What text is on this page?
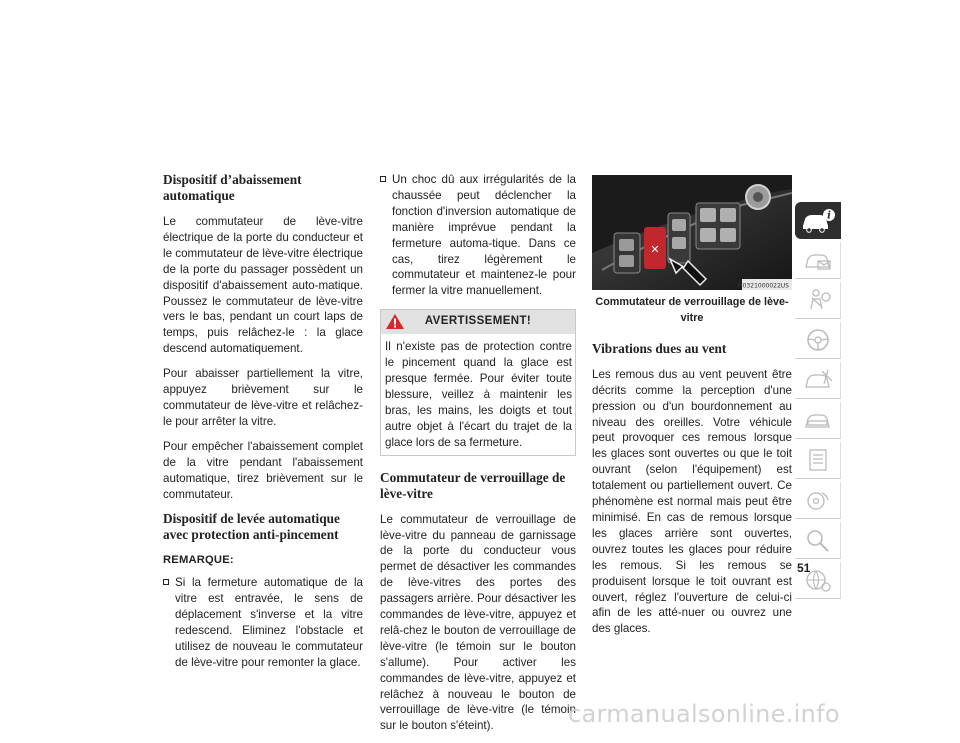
Dispositif d’abaissement automatique

Le commutateur de lève-vitre électrique de la porte du conducteur et le commutateur de lève-vitre électrique de la porte du passager possèdent un dispositif d'abaissement auto-matique. Poussez le commutateur de lève-vitre vers le bas, pendant un court laps de temps, puis relâchez-le : la glace descend automatiquement.

Pour abaisser partiellement la vitre, appuyez brièvement sur le commutateur de lève-vitre et relâchez-le pour arrêter la vitre.

Pour empêcher l'abaissement complet de la vitre pendant l'abaissement automatique, tirez brièvement sur le commutateur.

Dispositif de levée automatique avec protection anti-pincement
REMARQUE:
Si la fermeture automatique de la vitre est entravée, le sens de déplacement s'inverse et la vitre redescend. Eliminez l'obstacle et utilisez de nouveau le commutateur de lève-vitre pour remonter la glace.
Un choc dû aux irrégularités de la chaussée peut déclencher la fonction d'inversion automatique de manière imprévue pendant la fermeture automa-tique. Dans ce cas, tirez légèrement le commutateur et maintenez-le pour fermer la vitre manuellement.
AVERTISSEMENT!
Il n'existe pas de protection contre le pincement quand la glace est presque fermée. Pour éviter toute blessure, veillez à maintenir les bras, les mains, les doigts et tout autre objet à l'écart du trajet de la glace lors de sa fermeture.
Commutateur de verrouillage de lève-vitre

Le commutateur de verrouillage de lève-vitre du panneau de garnissage de la porte du conducteur vous permet de désactiver les commandes de lève-vitres des portes des passagers arrière. Pour désactiver les commandes de lève-vitre, appuyez et relâ-chez le bouton de verrouillage de lève-vitre (le témoin sur le bouton s'allume). Pour activer les commandes de lève-vitre, appuyez et relâchez à nouveau le bouton de verrouillage de lève-vitre (le témoin sur le bouton s'éteint).

✕
M0321000022US
Commutateur de verrouillage de lève-vitre
Vibrations dues au vent

Les remous dus au vent peuvent être décrits comme la perception d'une pression ou d'un bourdonnement au niveau des oreilles. Votre véhicule peut provoquer ces remous lorsque les glaces sont ouvertes ou que le toit ouvrant (selon l'équipement) est totalement ou partiellement ouvert. Ce phénomène est normal mais peut être minimisé. En cas de remous lorsque les glaces arrière sont ouvertes, ouvrez toutes les glaces pour réduire les remous. Si les remous se produisent lorsque le toit ouvrant est ouvert, réglez l'ouverture de celui-ci afin de les atté-nuer ou ouvrez une des glaces.

i
51
carmanualsonline.info
